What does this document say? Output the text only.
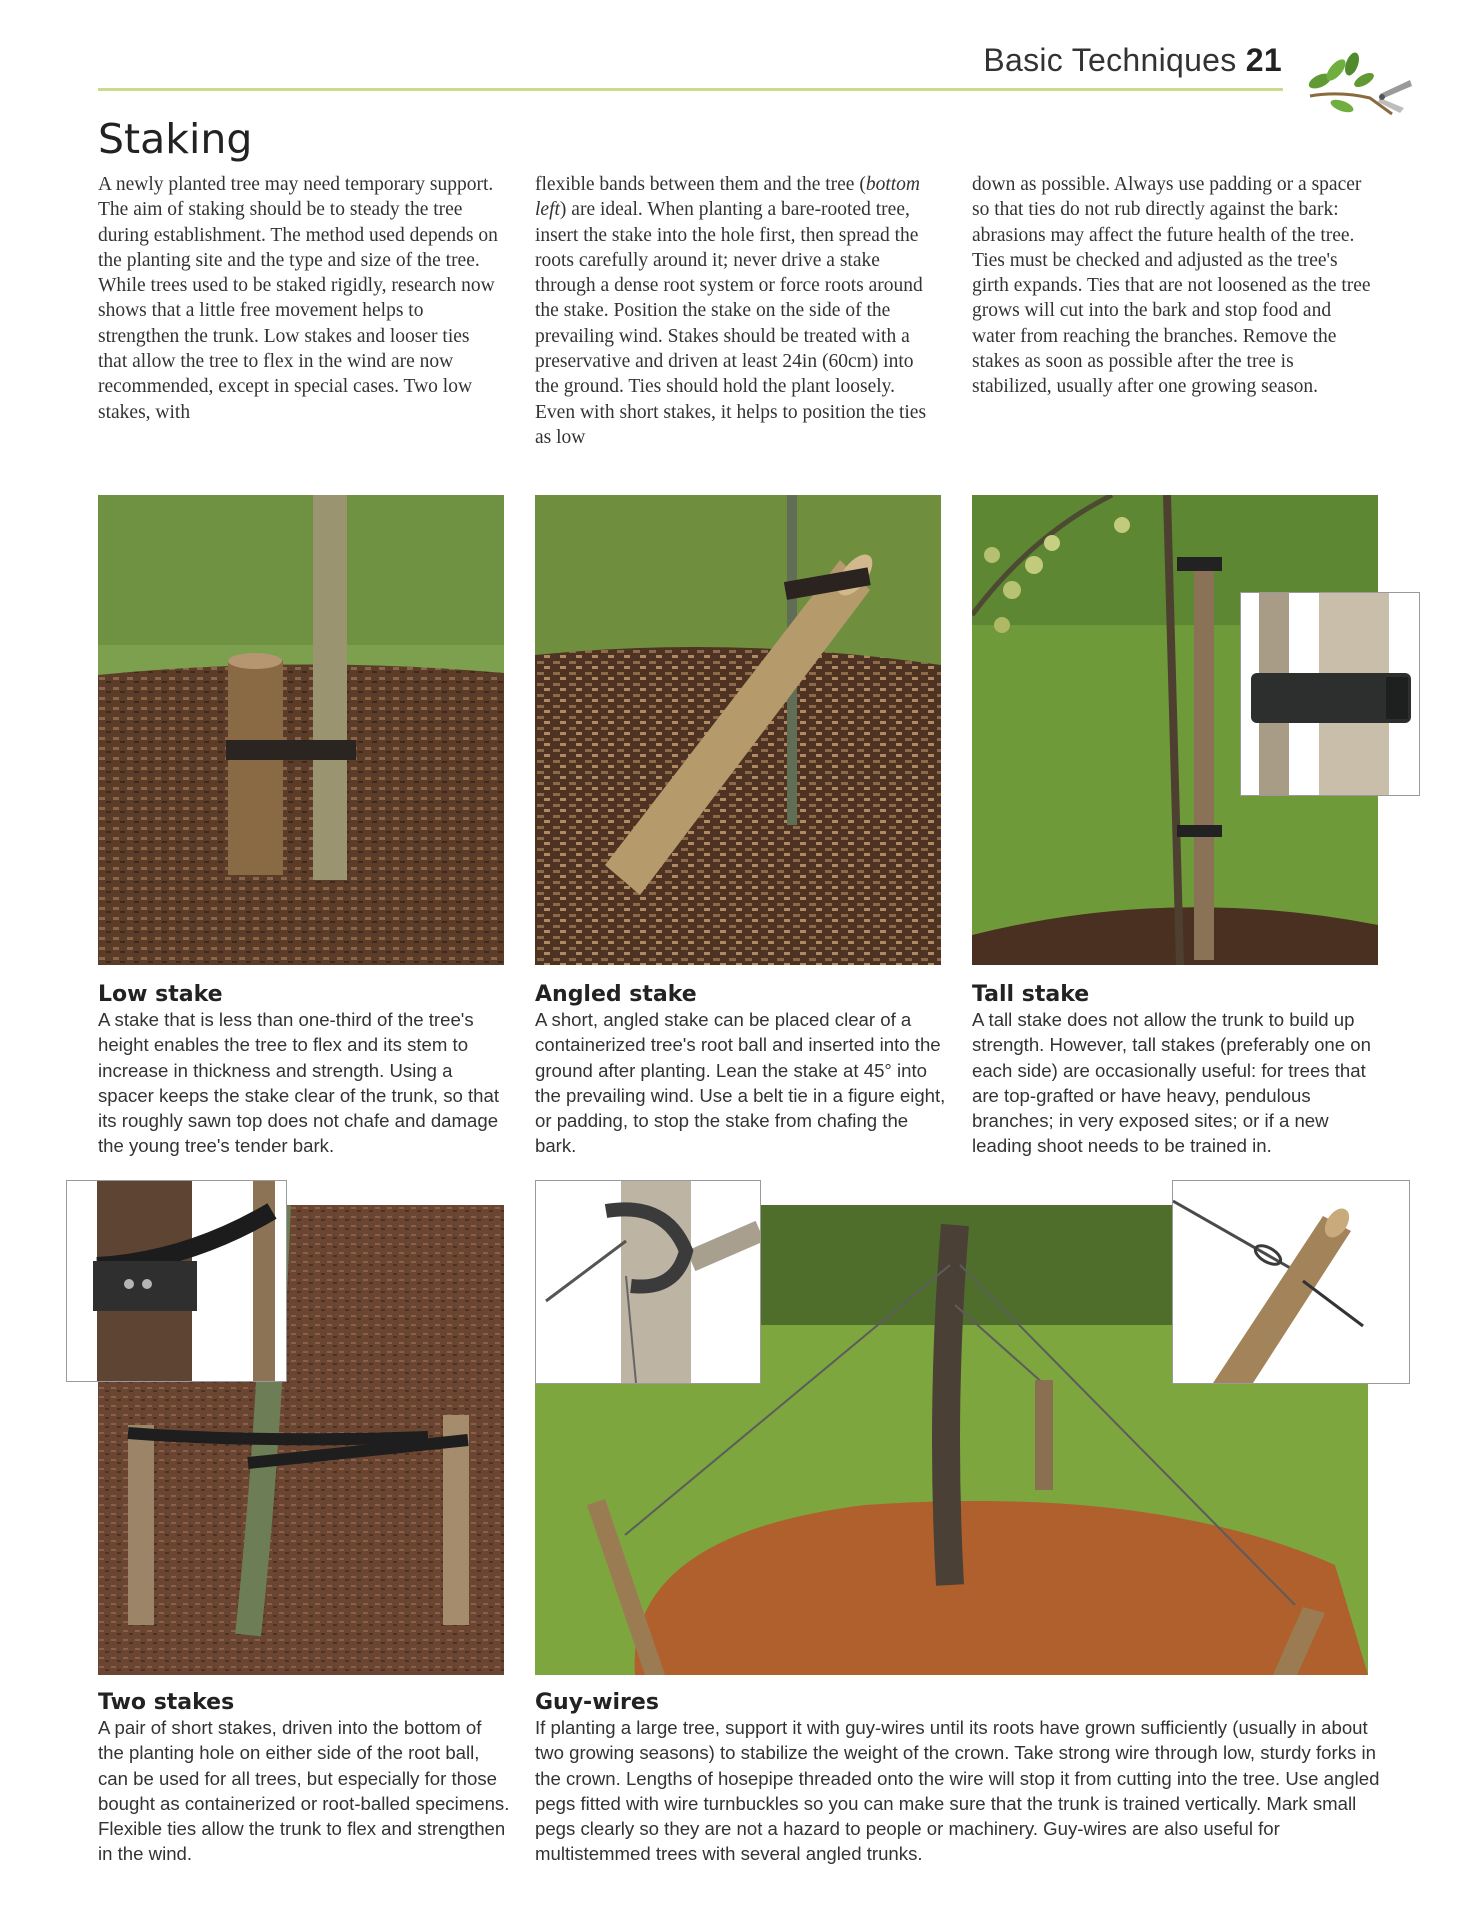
Basic Techniques 21
Staking
A newly planted tree may need temporary support. The aim of staking should be to steady the tree during establishment. The method used depends on the planting site and the type and size of the tree. While trees used to be staked rigidly, research now shows that a little free movement helps to strengthen the trunk. Low stakes and looser ties that allow the tree to flex in the wind are now recommended, except in special cases. Two low stakes, with
flexible bands between them and the tree (bottom left) are ideal. When planting a bare-rooted tree, insert the stake into the hole first, then spread the roots carefully around it; never drive a stake through a dense root system or force roots around the stake. Position the stake on the side of the prevailing wind. Stakes should be treated with a preservative and driven at least 24in (60cm) into the ground. Ties should hold the plant loosely. Even with short stakes, it helps to position the ties as low
down as possible. Always use padding or a spacer so that ties do not rub directly against the bark: abrasions may affect the future health of the tree. Ties must be checked and adjusted as the tree's girth expands. Ties that are not loosened as the tree grows will cut into the bark and stop food and water from reaching the branches. Remove the stakes as soon as possible after the tree is stabilized, usually after one growing season.
Low stake
A stake that is less than one-third of the tree's height enables the tree to flex and its stem to increase in thickness and strength. Using a spacer keeps the stake clear of the trunk, so that its roughly sawn top does not chafe and damage the young tree's tender bark.
Angled stake
A short, angled stake can be placed clear of a containerized tree's root ball and inserted into the ground after planting. Lean the stake at 45° into the prevailing wind. Use a belt tie in a figure eight, or padding, to stop the stake from chafing the bark.
Tall stake
A tall stake does not allow the trunk to build up strength. However, tall stakes (preferably one on each side) are occasionally useful: for trees that are top-grafted or have heavy, pendulous branches; in very exposed sites; or if a new leading shoot needs to be trained in.
Two stakes
A pair of short stakes, driven into the bottom of the planting hole on either side of the root ball, can be used for all trees, but especially for those bought as containerized or root-balled specimens. Flexible ties allow the trunk to flex and strengthen in the wind.
Guy-wires
If planting a large tree, support it with guy-wires until its roots have grown sufficiently (usually in about two growing seasons) to stabilize the weight of the crown. Take strong wire through low, sturdy forks in the crown. Lengths of hosepipe threaded onto the wire will stop it from cutting into the tree. Use angled pegs fitted with wire turnbuckles so you can make sure that the trunk is trained vertically. Mark small pegs clearly so they are not a hazard to people or machinery. Guy-wires are also useful for multistemmed trees with several angled trunks.
